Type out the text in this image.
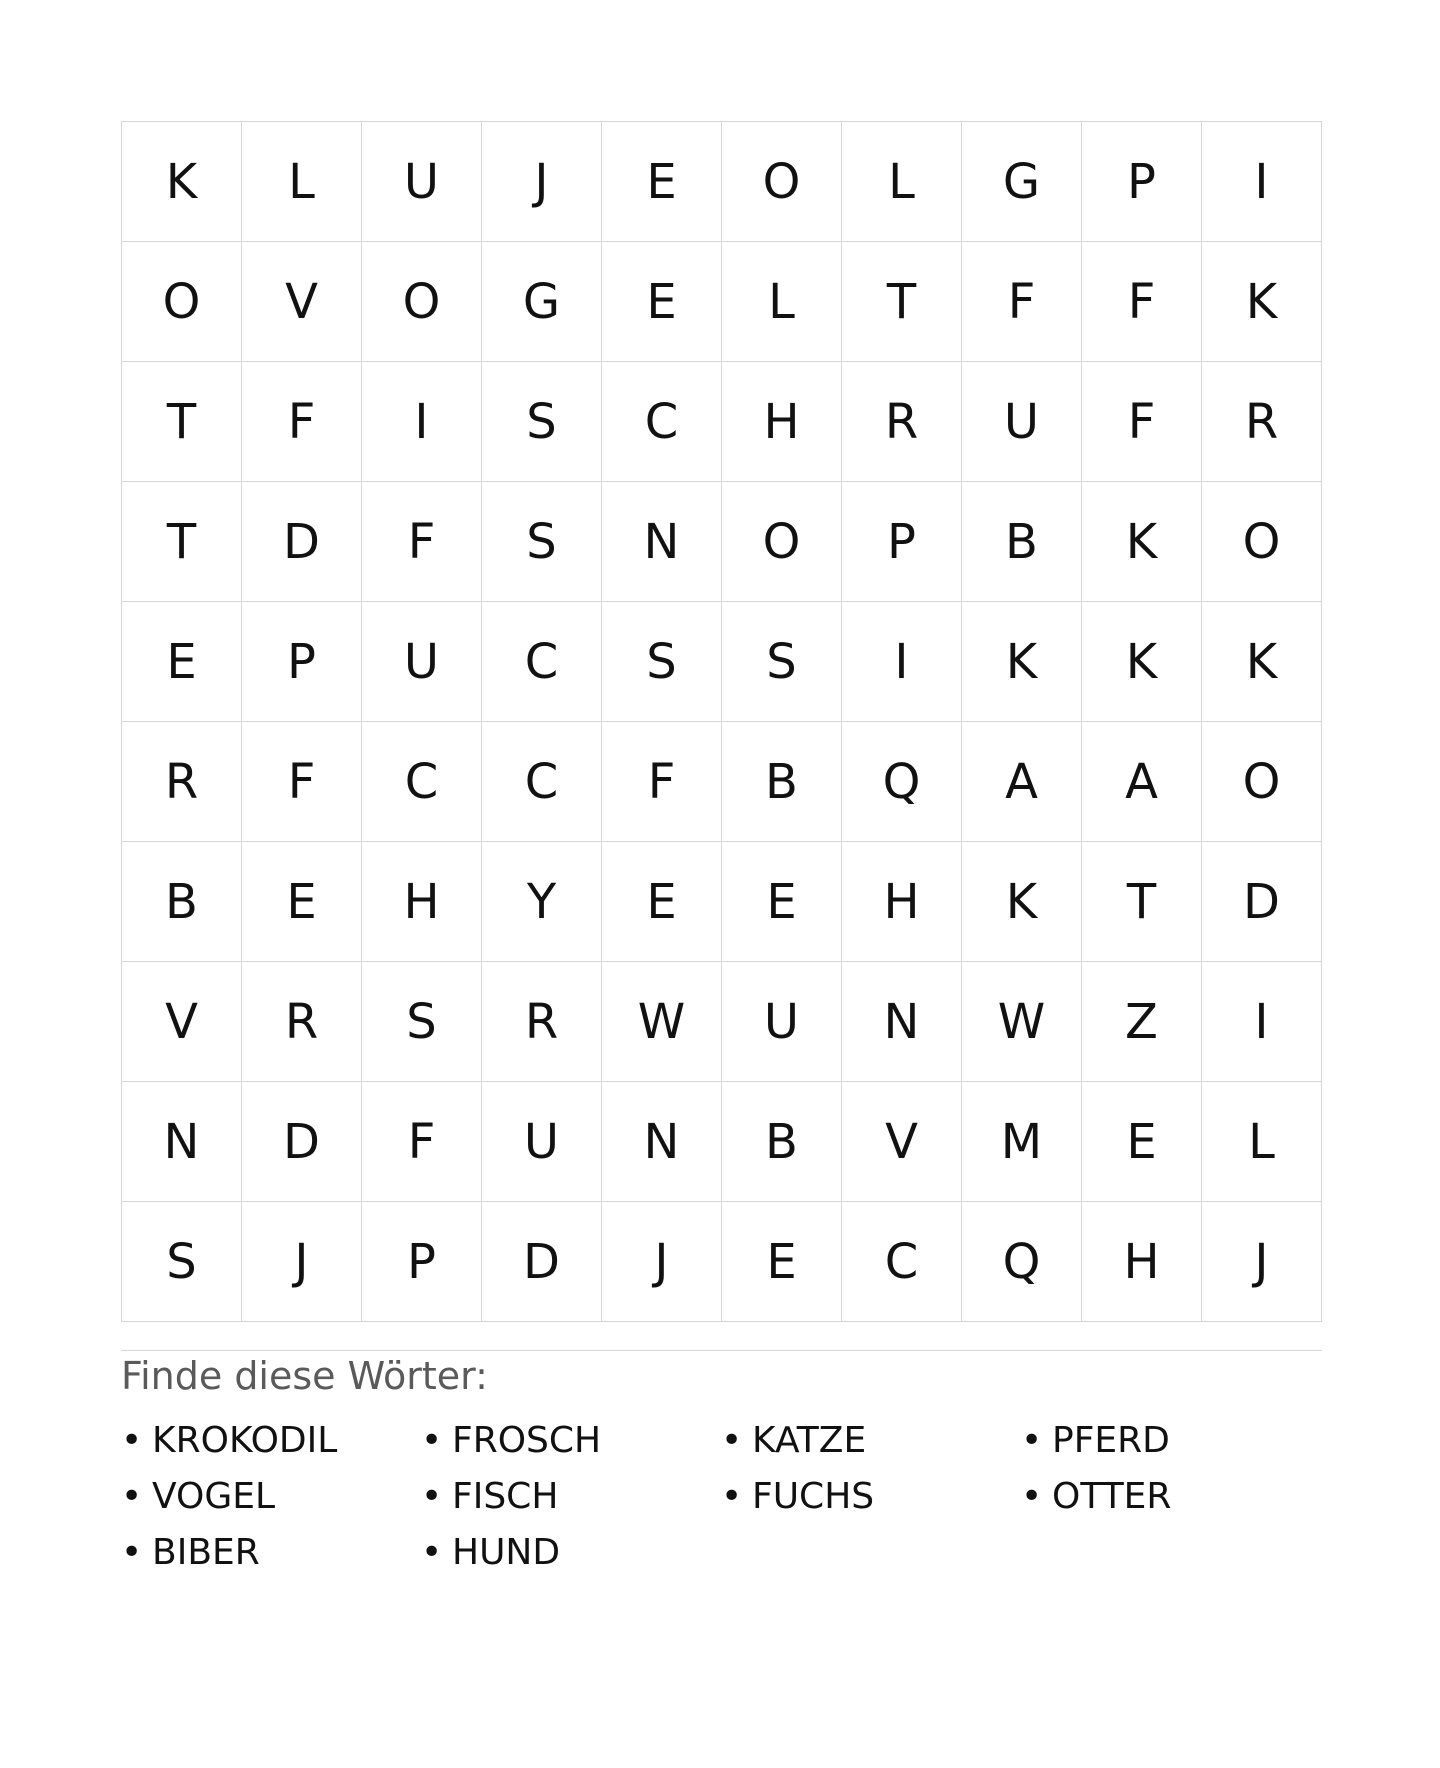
K	L	U	J	E	O	L	G	P	I
O	V	O	G	E	L	T	F	F	K
T	F	I	S	C	H	R	U	F	R
T	D	F	S	N	O	P	B	K	O
E	P	U	C	S	S	I	K	K	K
R	F	C	C	F	B	Q	A	A	O
B	E	H	Y	E	E	H	K	T	D
V	R	S	R	W	U	N	W	Z	I
N	D	F	U	N	B	V	M	E	L
S	J	P	D	J	E	C	Q	H	J
Finde diese Wörter:
• KROKODIL • FROSCH	• KATZE	• PFERD
• VOGEL	• FISCH	• FUCHS	• OTTER
• BIBER	• HUND
